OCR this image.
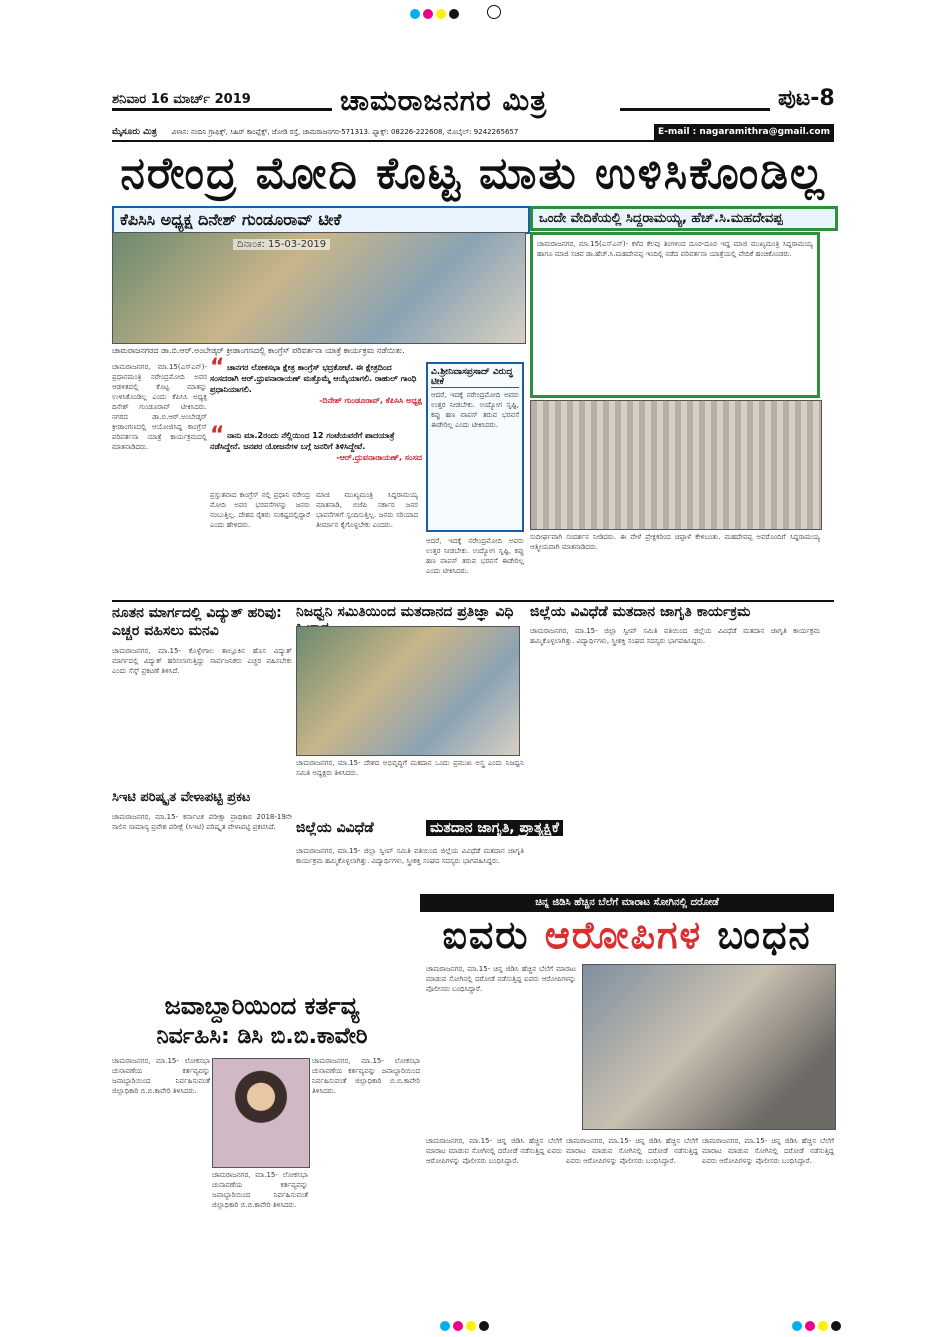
ಶನಿವಾರ 16 ಮಾರ್ಚ್ 2019	ಚಾಮರಾಜನಗರ ಮಿತ್ರ	ಪುಟ-8
ಮೈಸೂರು ಮಿತ್ರ ವಿಳಾಸ: ನಂದಿನಿ ಗ್ರಾಫಿಕ್ಸ್, ಸಿಹಿರ್ ಕಾಂಪ್ಲೆಕ್ಸ್, ಜೋಡಿ ರಸ್ತೆ, ಚಾಮರಾಜನಗರ-571313. ಫ್ಯಾಕ್ಸ್: 08226-222608, ಮೊಬೈಲ್: 9242265657	E-mail : nagaramithra@gmail.com
ನರೇಂದ್ರ ಮೋದಿ ಕೊಟ್ಟ ಮಾತು ಉಳಿಸಿಕೊಂಡಿಲ್ಲ
ಕೆಪಿಸಿಸಿ ಅಧ್ಯಕ್ಷ ದಿನೇಶ್ ಗುಂಡೂರಾವ್ ಟೀಕೆ	ಒಂದೇ ವೇದಿಕೆಯಲ್ಲಿ ಸಿದ್ದರಾಮಯ್ಯ, ಹೆಚ್.ಸಿ.ಮಹದೇವಪ್ಪ
ದಿನಾಂಕ: 15-03-2019
ಚಾಮರಾಜನಗರದ ಡಾ.ಬಿ.ಆರ್.ಅಂಬೇಡ್ಕರ್ ಕ್ರೀಡಾಂಗಣದಲ್ಲಿ ಕಾಂಗ್ರೆಸ್ ಪರಿವರ್ತನಾ ಯಾತ್ರೆ ಕಾರ್ಯಕ್ರಮ ನಡೆಯಿತು.
ಚಾಮರಾಜನಗರ, ಮಾ.15(ಎಸ್‌ಎನ್)- ಕಳೆದ ಕೆಲವು ತಿಂಗಳಿಂದ ದೂರ-ದೂರ ಇದ್ದ ಮಾಜಿ ಮುಖ್ಯಮಂತ್ರಿ ಸಿದ್ದರಾಮಯ್ಯ ಹಾಗೂ ಮಾಜಿ ಸಚಿವ ಡಾ.ಹೆಚ್.ಸಿ.ಮಹದೇವಪ್ಪ ಇಂದಿಲ್ಲಿ ನಡೆದ ಪರಿವರ್ತನಾ ಯಾತ್ರೆಯಲ್ಲಿ ವೇದಿಕೆ ಹಂಚಿಕೊಂಡರು.
ಚಾಮರಾಜನಗರ, ಮಾ.15(ಎಸ್‌ಎನ್)- ಪ್ರಧಾನಮಂತ್ರಿ ನರೇಂದ್ರಮೋದಿ ಅವರ ಆಡಳಿತದಲ್ಲಿ ಕೊಟ್ಟ ಮಾತನ್ನು ಉಳಿಸಿಕೊಂಡಿಲ್ಲ ಎಂದು ಕೆಪಿಸಿಸಿ ಅಧ್ಯಕ್ಷ ದಿನೇಶ್ ಗುಂಡೂರಾವ್ ಟೀಕಿಸಿದರು. ನಗರದ ಡಾ.ಬಿ.ಆರ್.ಅಂಬೇಡ್ಕರ್ ಕ್ರೀಡಾಂಗಣದಲ್ಲಿ ಆಯೋಜಿಸಿದ್ದ ಕಾಂಗ್ರೆಸ್ ಪರಿವರ್ತನಾ ಯಾತ್ರೆ ಕಾರ್ಯಕ್ರಮದಲ್ಲಿ ಮಾತನಾಡಿದರು.
“ ಚಾನಗರ ಲೋಕಸಭಾ ಕ್ಷೇತ್ರ ಕಾಂಗ್ರೆಸ್ ಭದ್ರಕೋಟೆ. ಈ ಕ್ಷೇತ್ರದಿಂದ ಸಂಸದರಾಗಿ ಆರ್.ಧ್ರುವನಾರಾಯಣ್ ಮತ್ತೊಮ್ಮೆ ಆಯ್ಕೆಯಾಗಲಿ. ರಾಹುಲ್ ಗಾಂಧಿ ಪ್ರಧಾನಿಯಾಗಲಿ.
-ದಿನೇಶ್ ಗುಂಡೂರಾವ್, ಕೆಪಿಸಿಸಿ ಅಧ್ಯಕ್ಷ
“ ನಾನು ಮಾ.2ರಂದು ನೆಲ್ಲಿಯಿಂದ 12 ಗಂಟೆಯವರೆಗೆ ಪಾದಯಾತ್ರೆ ನಡೆಸಿದ್ದೇನೆ. ಜನಪರ ಯೋಜನೆಗಳ ಬಗ್ಗೆ ಜನರಿಗೆ ತಿಳಿಸಿದ್ದೇವೆ.
-ಆರ್.ಧ್ರುವನಾರಾಯಣ್, ಸಂಸದ
ವಿ.ಶ್ರೀನಿವಾಸಪ್ರಸಾದ್ ವಿರುದ್ಧ ಟೀಕೆ
ಆದರೆ, ಇದಕ್ಕೆ ನರೇಂದ್ರಮೋದಿ ಅವರು ಉತ್ತರ ನೀಡಬೇಕು. ಉದ್ಯೋಗ ಸೃಷ್ಟಿ, ಕಪ್ಪು ಹಣ ವಾಪಸ್ ತರುವ ಭರವಸೆ ಈಡೇರಿಲ್ಲ ಎಂದು ಟೀಕಿಸಿದರು.
ಪ್ರಸ್ತುತವಾದ ಕಾಂಗ್ರೆಸ್ ನಲ್ಲಿ ಪ್ರಧಾನಿ ನರೇಂದ್ರ ಮೋದಿ ಅವರ ಭರವಸೆಗಳನ್ನು ಜನರು ನಂಬುತ್ತಿಲ್ಲ. ದೇಶದ ರೈತರು ಸಂಕಷ್ಟದಲ್ಲಿದ್ದಾರೆ ಎಂದು ಹೇಳಿದರು.
ಮಾಜಿ ಮುಖ್ಯಮಂತ್ರಿ ಸಿದ್ದರಾಮಯ್ಯ ಮಾತನಾಡಿ, ಬಿಜೆಪಿ ಸರ್ಕಾರ ಜನರ ಭಾವನೆಗಳಿಗೆ ಸ್ಪಂದಿಸುತ್ತಿಲ್ಲ. ಜನರು ಸರಿಯಾದ ತೀರ್ಮಾನ ಕೈಗೊಳ್ಳಬೇಕು ಎಂದರು.
ಆದರೆ, ಇದಕ್ಕೆ ನರೇಂದ್ರಮೋದಿ ಅವರು ಉತ್ತರ ನೀಡಬೇಕು. ಉದ್ಯೋಗ ಸೃಷ್ಟಿ, ಕಪ್ಪು ಹಣ ವಾಪಸ್ ತರುವ ಭರವಸೆ ಈಡೇರಿಲ್ಲ ಎಂದು ಟೀಕಿಸಿದರು.
ಸುದೀರ್ಘವಾಗಿ ಸಂದರ್ಶನ ನೀಡಿದರು. ಈ ವೇಳೆ ಪ್ರೇಕ್ಷಕರಿಂದ ಚಪ್ಪಾಳೆ ಕೇಳಿಬಂತು. ಮಹದೇವಪ್ಪ ಅವರೊಂದಿಗೆ ಸಿದ್ದರಾಮಯ್ಯ ಆತ್ಮೀಯವಾಗಿ ಮಾತನಾಡಿದರು.
ನೂತನ ಮಾರ್ಗದಲ್ಲಿ ವಿದ್ಯುತ್ ಹರಿವು: ಎಚ್ಚರ ವಹಿಸಲು ಮನವಿ
ಚಾಮರಾಜನಗರ, ಮಾ.15- ಕೊಳ್ಳೇಗಾಲ ತಾಲ್ಲೂಕಿನ ಹೊಸ ವಿದ್ಯುತ್ ಮಾರ್ಗದಲ್ಲಿ ವಿದ್ಯುತ್ ಹರಿಸಲಾಗುತ್ತಿದ್ದು ಸಾರ್ವಜನಿಕರು ಎಚ್ಚರ ವಹಿಸಬೇಕು ಎಂದು ಸೆಸ್ಕ್ ಪ್ರಕಟಣೆ ತಿಳಿಸಿದೆ.
ನಿಜಧ್ವನಿ ಸಮಿತಿಯಿಂದ ಮತದಾನದ ಪ್ರತಿಜ್ಞಾ ವಿಧಿ
ಚಾಮರಾಜನಗರ, ಮಾ.15- ದೇಶದ ಅಭಿವೃದ್ಧಿಗೆ ಮತದಾನ ಒಂದು ಪ್ರಮುಖ ಅಸ್ತ್ರ ಎಂದು ನಿಜಧ್ವನಿ ಸಮಿತಿ ಅಧ್ಯಕ್ಷರು ತಿಳಿಸಿದರು.
ಜಿಲ್ಲೆಯ ವಿವಿಧೆಡೆ ಮತದಾನ ಜಾಗೃತಿ ಕಾರ್ಯಕ್ರಮ
ಚಾಮರಾಜನಗರ, ಮಾ.15- ಜಿಲ್ಲಾ ಸ್ವೀಪ್ ಸಮಿತಿ ವತಿಯಿಂದ ಜಿಲ್ಲೆಯ ವಿವಿಧೆಡೆ ಮತದಾನ ಜಾಗೃತಿ ಕಾರ್ಯಕ್ರಮ ಹಮ್ಮಿಕೊಳ್ಳಲಾಗಿತ್ತು. ವಿದ್ಯಾರ್ಥಿಗಳು, ಸ್ತ್ರೀಶಕ್ತಿ ಸಂಘದ ಸದಸ್ಯರು ಭಾಗವಹಿಸಿದ್ದರು.
ಸಿಇಟಿ ಪರಿಷ್ಕೃತ ವೇಳಾಪಟ್ಟಿ ಪ್ರಕಟ
ಚಾಮರಾಜನಗರ, ಮಾ.15- ಕರ್ನಾಟಕ ಪರೀಕ್ಷಾ ಪ್ರಾಧಿಕಾರ 2018-19ನೇ ಸಾಲಿನ ಸಾಮಾನ್ಯ ಪ್ರವೇಶ ಪರೀಕ್ಷೆ (ಸಿಇಟಿ) ಪರಿಷ್ಕೃತ ವೇಳಾಪಟ್ಟಿ ಪ್ರಕಟಿಸಿದೆ.	ಜಿಲ್ಲೆಯ ವಿವಿಧೆಡೆ	ಮತದಾನ ಜಾಗೃತಿ, ಪ್ರಾತ್ಯಕ್ಷಿಕೆ
ಚಾಮರಾಜನಗರ, ಮಾ.15- ಜಿಲ್ಲಾ ಸ್ವೀಪ್ ಸಮಿತಿ ವತಿಯಿಂದ ಜಿಲ್ಲೆಯ ವಿವಿಧೆಡೆ ಮತದಾನ ಜಾಗೃತಿ ಕಾರ್ಯಕ್ರಮ ಹಮ್ಮಿಕೊಳ್ಳಲಾಗಿತ್ತು. ವಿದ್ಯಾರ್ಥಿಗಳು, ಸ್ತ್ರೀಶಕ್ತಿ ಸಂಘದ ಸದಸ್ಯರು ಭಾಗವಹಿಸಿದ್ದರು.
ಚಿನ್ನ ಜಿಡಿಸಿ ಹೆಚ್ಚಿನ ಬೆಲೆಗೆ ಮಾರಾಟ ಸೋಗಿನಲ್ಲಿ ದರೋಡೆ
ಐವರು ಆರೋಪಿಗಳ ಬಂಧನ
ಚಾಮರಾಜನಗರ, ಮಾ.15- ಚಿನ್ನ ಜಿಡಿಸಿ ಹೆಚ್ಚಿನ ಬೆಲೆಗೆ ಮಾರಾಟ ಮಾಡುವ ಸೋಗಿನಲ್ಲಿ ದರೋಡೆ ನಡೆಸುತ್ತಿದ್ದ ಐವರು ಆರೋಪಿಗಳನ್ನು ಪೊಲೀಸರು ಬಂಧಿಸಿದ್ದಾರೆ.
ಜವಾಬ್ದಾರಿಯಿಂದ ಕರ್ತವ್ಯ
ನಿರ್ವಹಿಸಿ: ಡಿಸಿ ಬಿ.ಬಿ.ಕಾವೇರಿ
ಚಾಮರಾಜನಗರ, ಮಾ.15- ಲೋಕಸಭಾ ಚುನಾವಣೆಯ ಕರ್ತವ್ಯವನ್ನು ಜವಾಬ್ದಾರಿಯಿಂದ ನಿರ್ವಹಿಸುವಂತೆ ಜಿಲ್ಲಾಧಿಕಾರಿ ಬಿ.ಬಿ.ಕಾವೇರಿ ತಿಳಿಸಿದರು.
ಚಾಮರಾಜನಗರ, ಮಾ.15- ಲೋಕಸಭಾ ಚುನಾವಣೆಯ ಕರ್ತವ್ಯವನ್ನು ಜವಾಬ್ದಾರಿಯಿಂದ ನಿರ್ವಹಿಸುವಂತೆ ಜಿಲ್ಲಾಧಿಕಾರಿ ಬಿ.ಬಿ.ಕಾವೇರಿ ತಿಳಿಸಿದರು.
ಚಾಮರಾಜನಗರ, ಮಾ.15- ಲೋಕಸಭಾ ಚುನಾವಣೆಯ ಕರ್ತವ್ಯವನ್ನು ಜವಾಬ್ದಾರಿಯಿಂದ ನಿರ್ವಹಿಸುವಂತೆ ಜಿಲ್ಲಾಧಿಕಾರಿ ಬಿ.ಬಿ.ಕಾವೇರಿ ತಿಳಿಸಿದರು.
ಚಾಮರಾಜನಗರ, ಮಾ.15- ಚಿನ್ನ ಜಿಡಿಸಿ ಹೆಚ್ಚಿನ ಬೆಲೆಗೆ ಮಾರಾಟ ಮಾಡುವ ಸೋಗಿನಲ್ಲಿ ದರೋಡೆ ನಡೆಸುತ್ತಿದ್ದ ಐವರು ಆರೋಪಿಗಳನ್ನು ಪೊಲೀಸರು ಬಂಧಿಸಿದ್ದಾರೆ.
ಚಾಮರಾಜನಗರ, ಮಾ.15- ಚಿನ್ನ ಜಿಡಿಸಿ ಹೆಚ್ಚಿನ ಬೆಲೆಗೆ ಮಾರಾಟ ಮಾಡುವ ಸೋಗಿನಲ್ಲಿ ದರೋಡೆ ನಡೆಸುತ್ತಿದ್ದ ಐವರು ಆರೋಪಿಗಳನ್ನು ಪೊಲೀಸರು ಬಂಧಿಸಿದ್ದಾರೆ.
ಚಾಮರಾಜನಗರ, ಮಾ.15- ಚಿನ್ನ ಜಿಡಿಸಿ ಹೆಚ್ಚಿನ ಬೆಲೆಗೆ ಮಾರಾಟ ಮಾಡುವ ಸೋಗಿನಲ್ಲಿ ದರೋಡೆ ನಡೆಸುತ್ತಿದ್ದ ಐವರು ಆರೋಪಿಗಳನ್ನು ಪೊಲೀಸರು ಬಂಧಿಸಿದ್ದಾರೆ.
